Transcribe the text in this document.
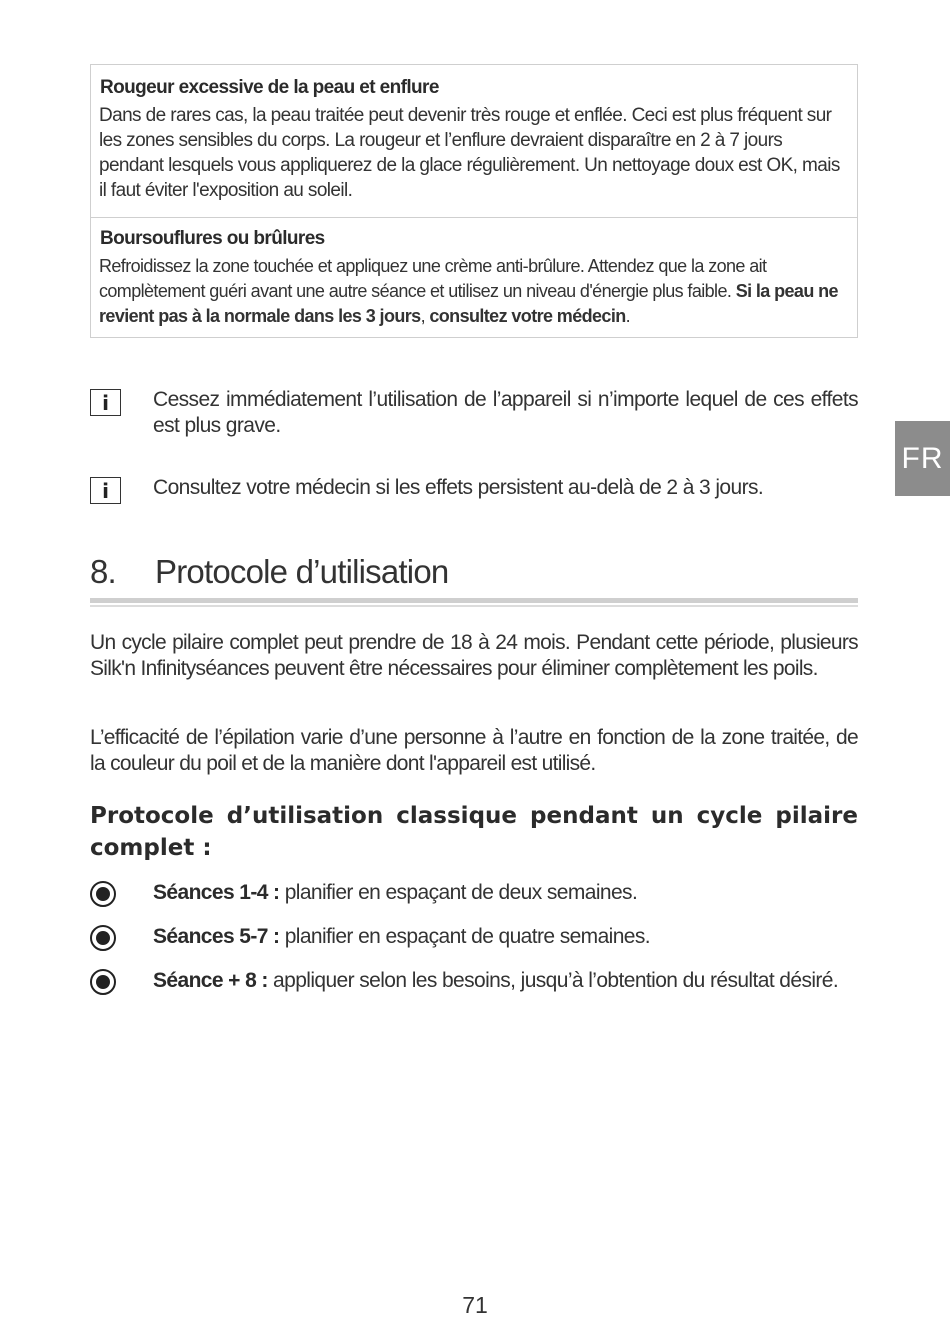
Rougeur excessive de la peau et enflure

Dans de rares cas, la peau traitée peut devenir très rouge et enflée. Ceci est plus fréquent sur les zones sensibles du corps. La rougeur et l’enflure devraient disparaître en 2 à 7 jours pendant lesquels vous appliquerez de la glace régulièrement. Un nettoyage doux est OK, mais il faut éviter l'exposition au soleil.

Boursouflures ou brûlures

Refroidissez la zone touchée et appliquez une crème anti-brûlure. Attendez que la zone ait complètement guéri avant une autre séance et utilisez un niveau d'énergie plus faible. Si la peau ne revient pas à la normale dans les 3 jours, consultez votre médecin.

i	Cessez immédiatement l’utilisation de l’appareil si n’importe lequel de ces effets est plus grave.
i	Consultez votre médecin si les effets persistent au-delà de 2 à 3 jours.
FR
8. Protocole d’utilisation

Un cycle pilaire complet peut prendre de 18 à 24 mois. Pendant cette période, plusieurs Silk'n Infinityséances peuvent être nécessaires pour éliminer complètement les poils.

L’efficacité de l’épilation varie d’une personne à l’autre en fonction de la zone traitée, de la couleur du poil et de la manière dont l'appareil est utilisé.

Protocole d’utilisation classique pendant un cycle pilaire complet :

Séances 1-4 : planifier en espaçant de deux semaines.
Séances 5-7 : planifier en espaçant de quatre semaines.
Séance + 8 : appliquer selon les besoins, jusqu’à l’obtention du résultat désiré.
71
